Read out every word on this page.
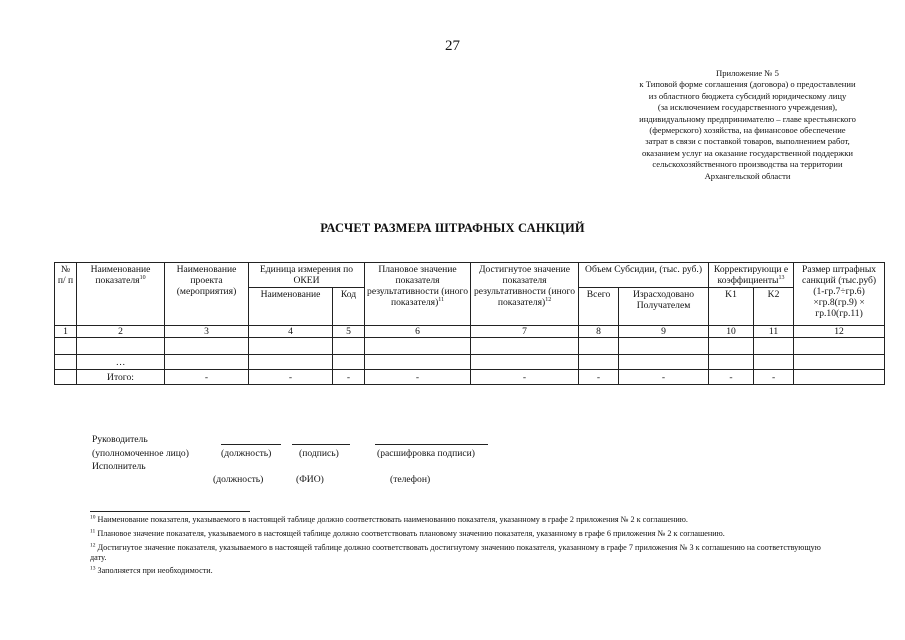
27
Приложение № 5
к Типовой форме соглашения (договора) о предоставлении
из областного бюджета субсидий юридическому лицу
(за исключением государственного учреждения),
индивидуальному предпринимателю – главе крестьянского
(фермерского) хозяйства, на финансовое обеспечение
затрат в связи с поставкой товаров, выполнением работ,
оказанием услуг на оказание государственной поддержки
сельскохозяйственного производства на территории
Архангельской области
РАСЧЕТ РАЗМЕРА ШТРАФНЫХ САНКЦИЙ
№ п/ п	Наименование показателя$^{10}$	Наименование проекта (мероприятия)	Единица измерения по ОКЕИ		Плановое значение показателя результативности (иного показателя)$^{11}$	Достигнутое значение показателя результативности (иного показателя)$^{12}$	Объем Субсидии, (тыс. руб.)		Корректирующи е коэффициенты$^{13}$		Размер штрафных санкций (тыс.руб) (1-гр.7÷гр.6) ×гр.8(гр.9) × гр.10(гр.11)
			Наименование	Код							
							Всего	Израсходовано Получателем	K1	K2	
1	2	3	4	5	6	7	8	9	10	11	12

	…										
	Итого:	-	-	-	-	-	-	-	-	-	
Руководитель
(уполномоченное лицо)	(должность)	(подпись)	(расшифровка подписи)
Исполнитель
(должность)	(ФИО)	(телефон)
$^{10}$ Наименование показателя, указываемого в настоящей таблице должно соответствовать наименованию показателя, указанному в графе 2 приложения № 2 к соглашению.
$^{11}$ Плановое значение показателя, указываемого в настоящей таблице должно соответствовать плановому значению показателя, указанному в графе 6 приложения № 2 к соглашению.
$^{12}$ Достигнутое значение показателя, указываемого в настоящей таблице должно соответствовать достигнутому значению показателя, указанному в графе 7 приложения № 3 к соглашению на соответствующую дату.
$^{13}$ Заполняется при необходимости.
